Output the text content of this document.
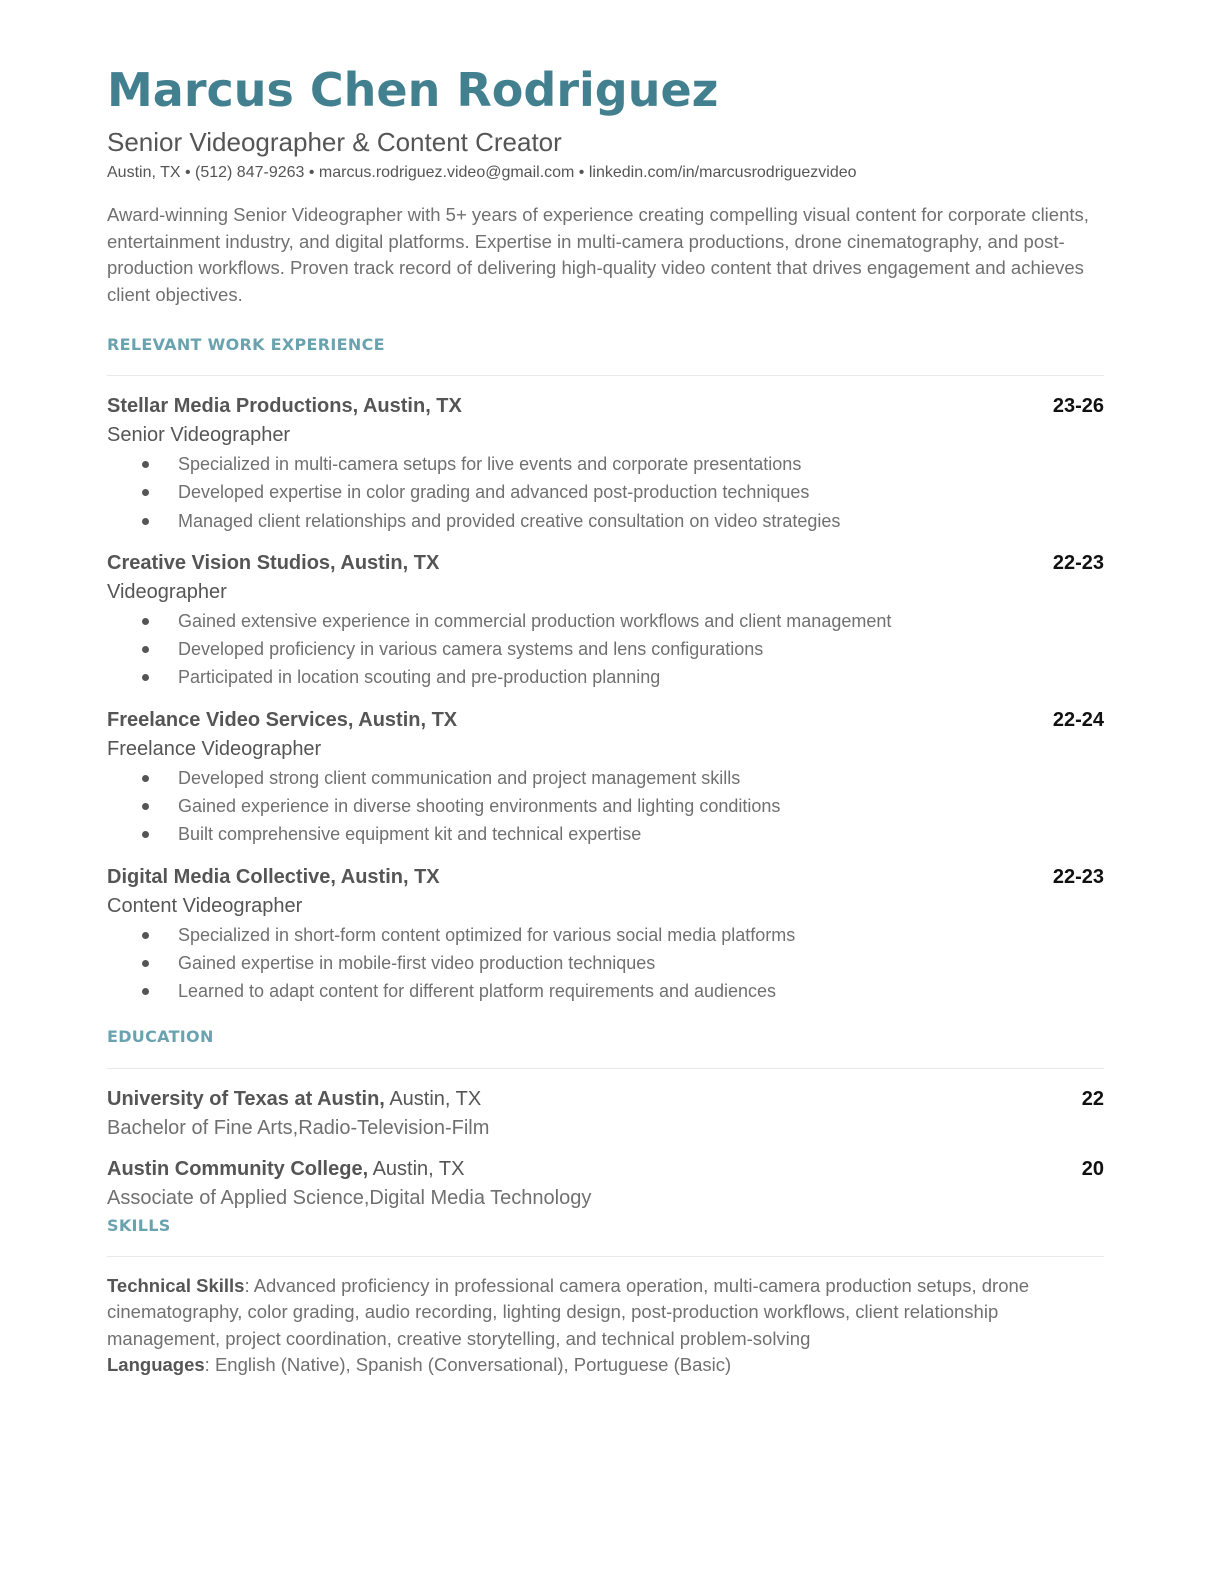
Marcus Chen Rodriguez
Senior Videographer & Content Creator
Austin, TX • (512) 847-9263 • marcus.rodriguez.video@gmail.com • linkedin.com/in/marcusrodriguezvideo
Award-winning Senior Videographer with 5+ years of experience creating compelling visual content for corporate clients, entertainment industry, and digital platforms. Expertise in multi-camera productions, drone cinematography, and post-production workflows. Proven track record of delivering high-quality video content that drives engagement and achieves client objectives.
RELEVANT WORK EXPERIENCE
Stellar Media Productions, Austin, TX	23-26
Senior Videographer
Specialized in multi-camera setups for live events and corporate presentations
Developed expertise in color grading and advanced post-production techniques
Managed client relationships and provided creative consultation on video strategies
Creative Vision Studios, Austin, TX	22-23
Videographer
Gained extensive experience in commercial production workflows and client management
Developed proficiency in various camera systems and lens configurations
Participated in location scouting and pre-production planning
Freelance Video Services, Austin, TX	22-24
Freelance Videographer
Developed strong client communication and project management skills
Gained experience in diverse shooting environments and lighting conditions
Built comprehensive equipment kit and technical expertise
Digital Media Collective, Austin, TX	22-23
Content Videographer
Specialized in short-form content optimized for various social media platforms
Gained expertise in mobile-first video production techniques
Learned to adapt content for different platform requirements and audiences
EDUCATION
University of Texas at Austin, Austin, TX	22
Bachelor of Fine Arts,Radio-Television-Film
Austin Community College, Austin, TX	20
Associate of Applied Science,Digital Media Technology
SKILLS
Technical Skills: Advanced proficiency in professional camera operation, multi-camera production setups, drone cinematography, color grading, audio recording, lighting design, post-production workflows, client relationship management, project coordination, creative storytelling, and technical problem-solving
Languages: English (Native), Spanish (Conversational), Portuguese (Basic)
